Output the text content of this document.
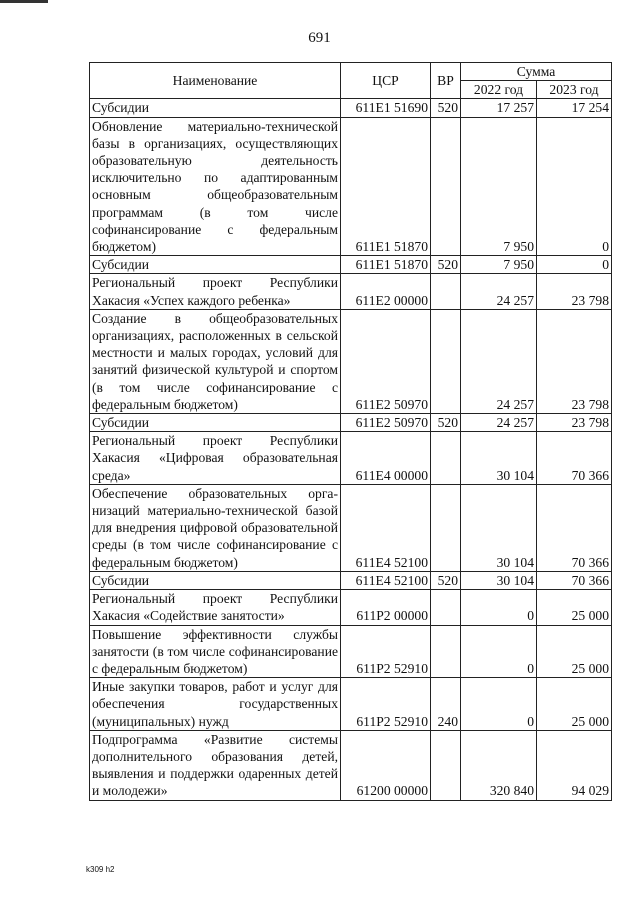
691
Наименование	ЦСР	ВР	Сумма	
			2022 год	2023 год
Субсидии	611E1 51690	520	17 257	17 254
Обновление материально-технической базы в организациях, осуществляющих образовательную деятельность исключительно по адаптированным основным общеобразовательным программам (в том числе софинансирование с федеральным бюджетом)	611E1 51870		7 950	0
Субсидии	611E1 51870	520	7 950	0
Региональный проект Республики Хакасия «Успех каждого ребенка»	611E2 00000		24 257	23 798
Создание в общеобразовательных организациях, расположенных в сельской местности и малых городах, условий для занятий физической культурой и спортом (в том числе софинансирование с федеральным бюджетом)	611E2 50970		24 257	23 798
Субсидии	611E2 50970	520	24 257	23 798
Региональный проект Республики Хакасия «Цифровая образовательная среда»	611E4 00000		30 104	70 366
Обеспечение образовательных организаций материально-технической базой для внедрения цифровой образовательной среды (в том числе софинансирование с федеральным бюджетом)	611E4 52100		30 104	70 366
Субсидии	611E4 52100	520	30 104	70 366
Региональный проект Республики Хакасия «Содействие занятости»	611P2 00000		0	25 000
Повышение эффективности службы занятости (в том числе софинансирование с федеральным бюджетом)	611P2 52910		0	25 000
Иные закупки товаров, работ и услуг для обеспечения государственных (муниципальных) нужд	611P2 52910	240	0	25 000
Подпрограмма «Развитие системы дополнительного образования детей, выявления и поддержки одаренных детей и молодежи»	61200 00000		320 840	94 029
k309 h2
